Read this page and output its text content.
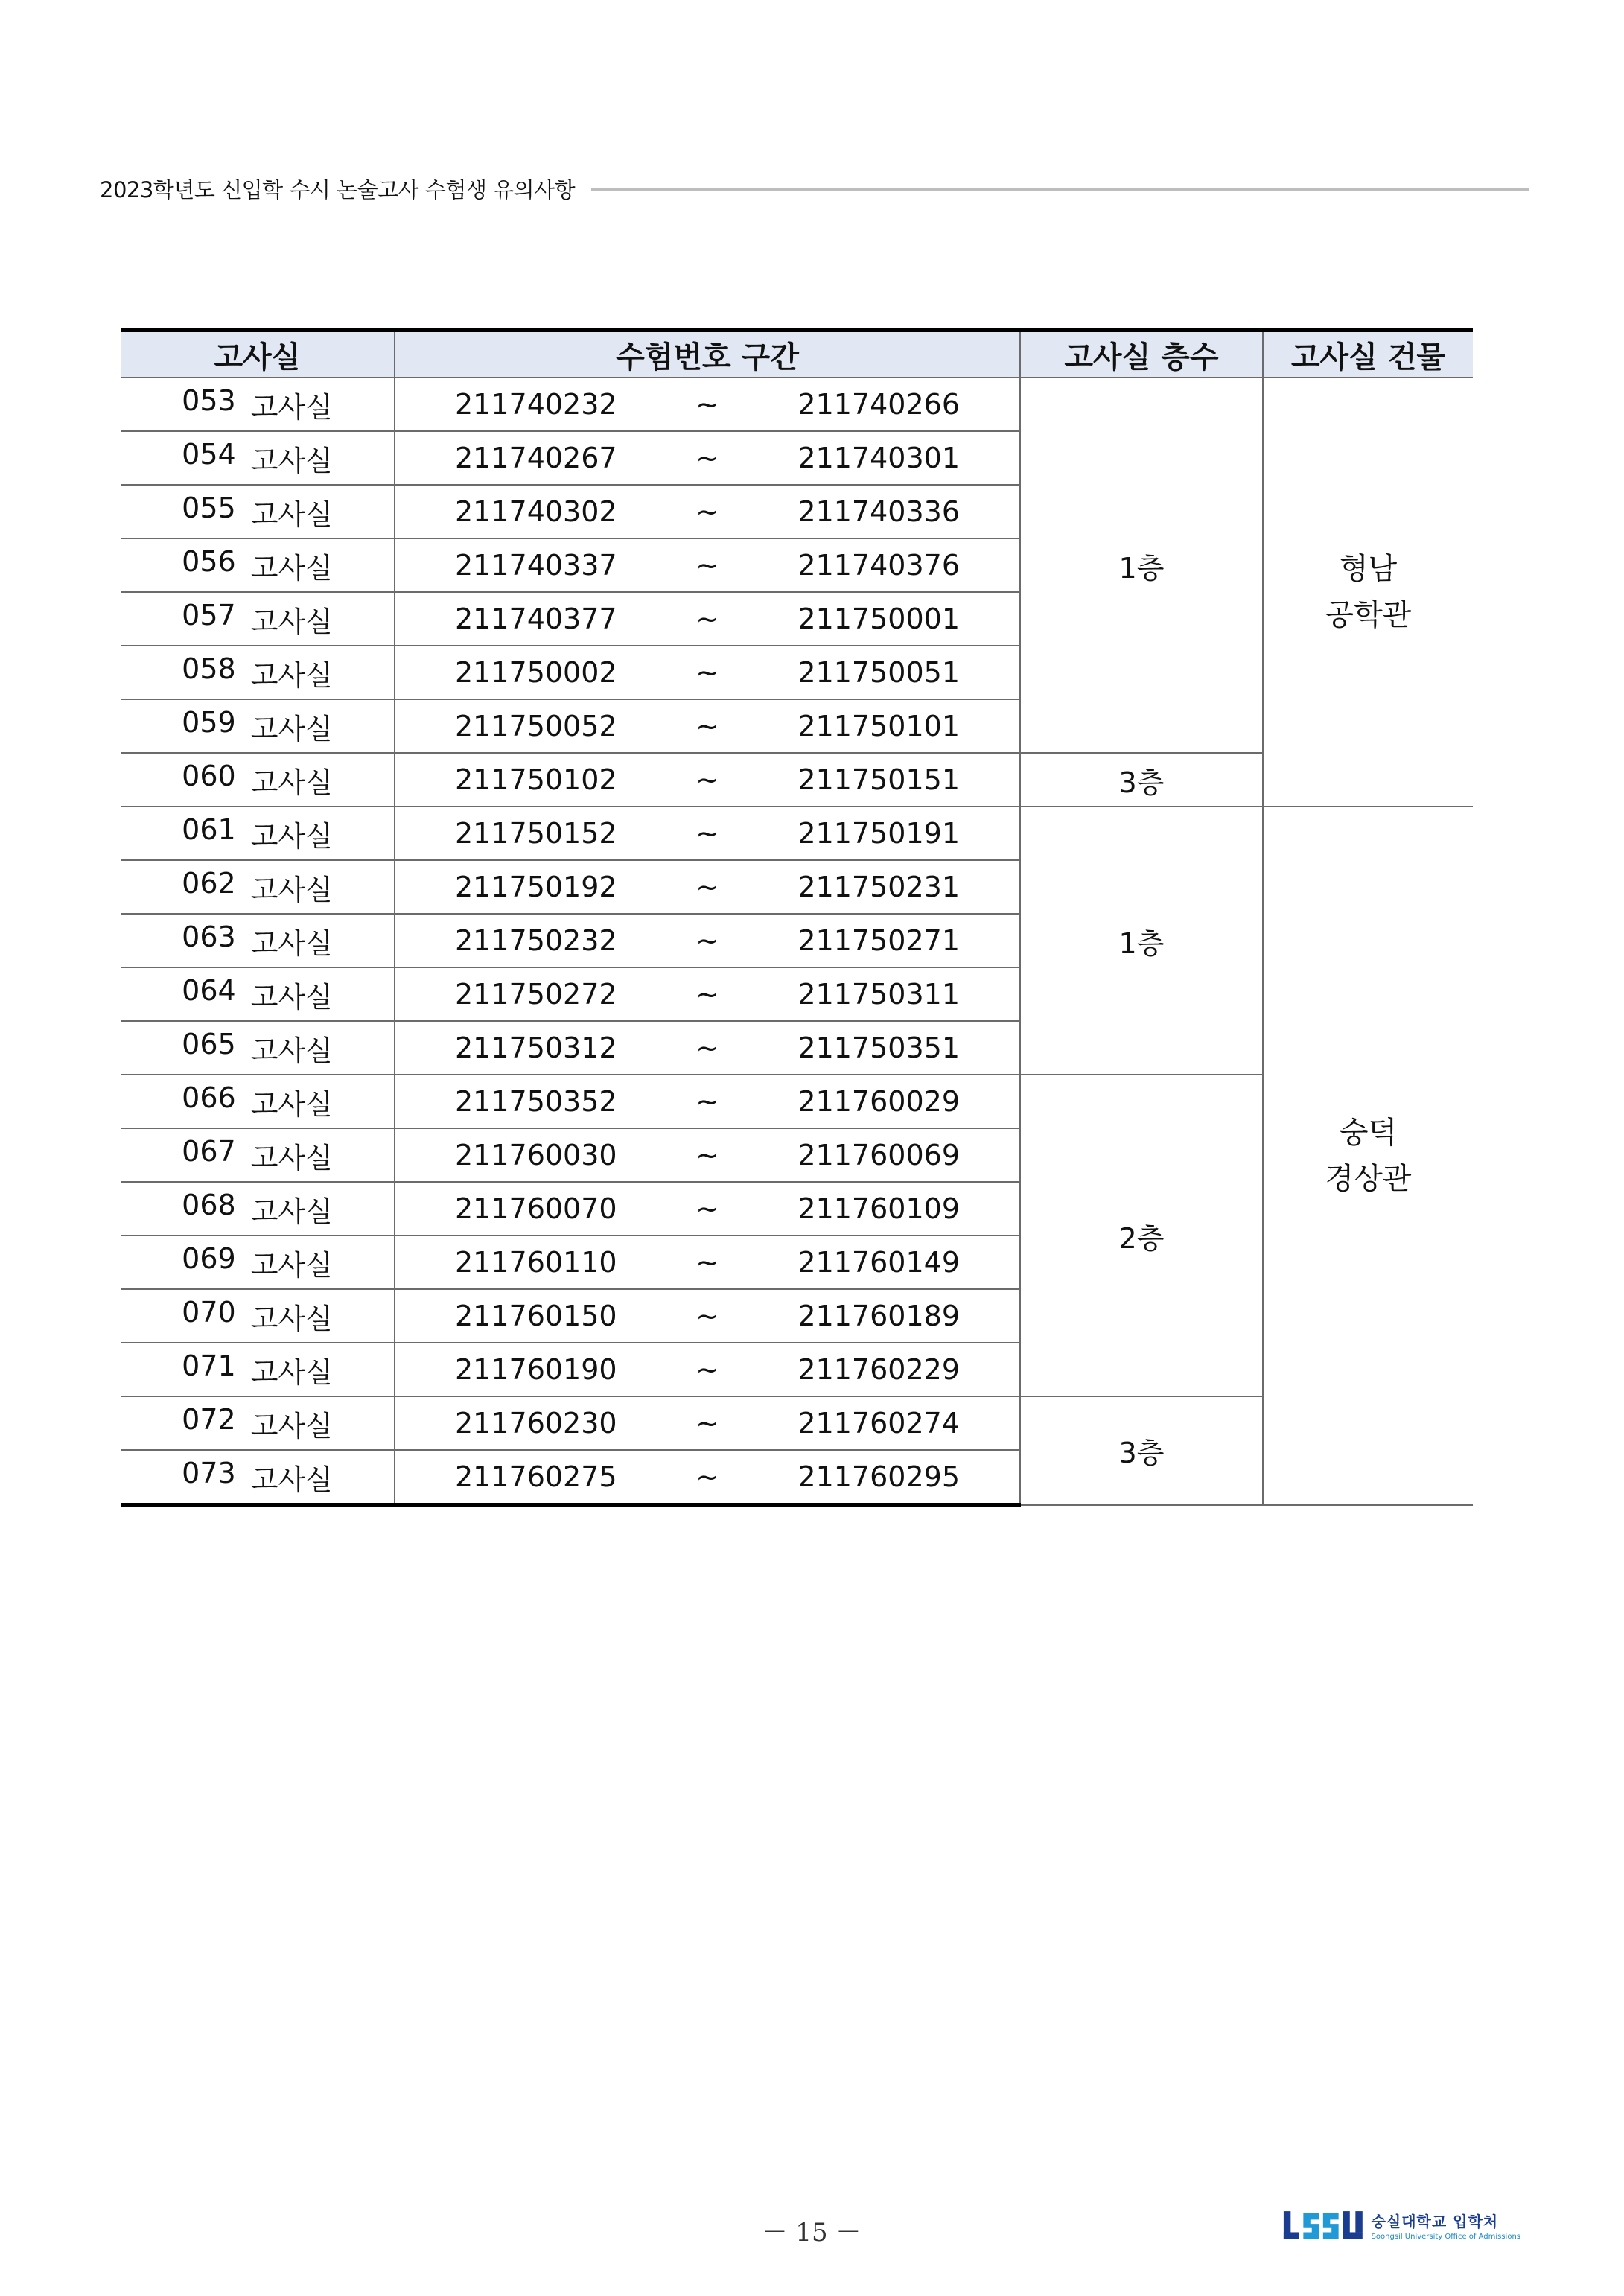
2023학년도 신입학 수시 논술고사 수험생 유의사항
고사실	수험번호 구간	고사실 층수	고사실 건물

053 고사실	211740232 ~ 211740266	1층	형남
공학관

054 고사실	211740267 ~ 211740301		

055 고사실	211740302 ~ 211740336		

056 고사실	211740337 ~ 211740376		

057 고사실	211740377 ~ 211750001		

058 고사실	211750002 ~ 211750051		

059 고사실	211750052 ~ 211750101		

060 고사실	211750102 ~ 211750151	3층	

061 고사실	211750152 ~ 211750191	1층	숭덕
경상관

062 고사실	211750192 ~ 211750231		

063 고사실	211750232 ~ 211750271		

064 고사실	211750272 ~ 211750311		

065 고사실	211750312 ~ 211750351		

066 고사실	211750352 ~ 211760029	2층	

067 고사실	211760030 ~ 211760069		

068 고사실	211760070 ~ 211760109		

069 고사실	211760110 ~ 211760149		

070 고사실	211760150 ~ 211760189		

071 고사실	211760190 ~ 211760229		

072 고사실	211760230 ~ 211760274	3층	

073 고사실	211760275 ~ 211760295		
－ 15 －	숭실대학교 입학처
Soongsil University Office of Admissions
